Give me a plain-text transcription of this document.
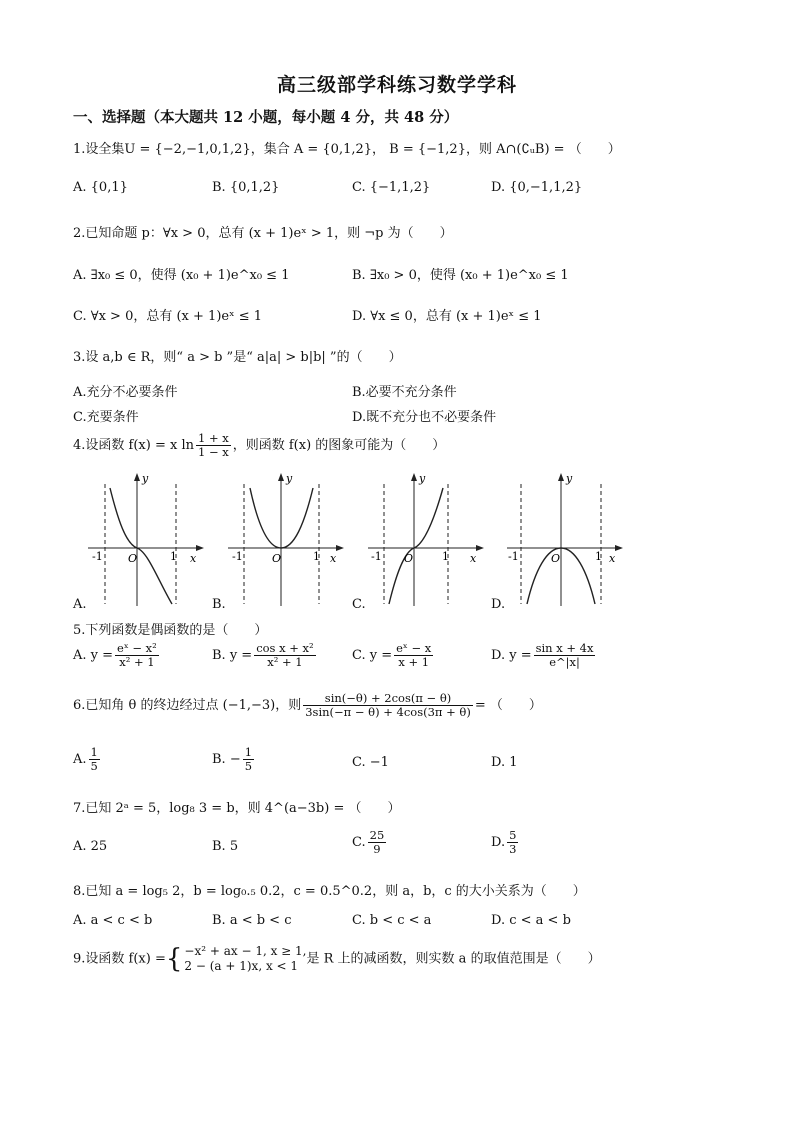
高三级部学科练习数学学科
一、选择题（本大题共 12 小题，每小题 4 分，共 48 分）
1.设全集U = {−2,−1,0,1,2}，集合 A = {0,1,2}， B = {−1,2}，则 A∩(∁ᵤB) = （　　）
A. {0,1}	B. {0,1,2}	C. {−1,1,2}	D. {0,−1,1,2}
2.已知命题 p：∀x > 0，总有 (x + 1)eˣ > 1，则 ¬p 为（　　）
A. ∃x₀ ≤ 0，使得 (x₀ + 1)e^x₀ ≤ 1	B. ∃x₀ > 0，使得 (x₀ + 1)e^x₀ ≤ 1
C. ∀x > 0，总有 (x + 1)eˣ ≤ 1	D. ∀x ≤ 0，总有 (x + 1)eˣ ≤ 1
3.设 a,b ∈ R，则“ a > b ”是“ a|a| > b|b| ”的（　　）
A.充分不必要条件	B.必要不充分条件
C.充要条件	D.既不充分也不必要条件
4.设函数 f(x) = x $\ln \frac{1 + x}{1 - x}$ ，则函数 f(x) 的图象可能为（　　）
y
x
O
-1	1
y
x
O
-1	1
y
x
O
-1	1
y
x
O
-1	1
A.	B.	C.	D.
5.下列函数是偶函数的是（　　）
A. $y = \frac{\text{eˣ − x²}}{\text{x² + 1}}$	B. $y = \frac{\text{cos x + x²}}{\text{x² + 1}}$	C. $y = \frac{\text{eˣ − x}}{x + 1}$	D. $y = \frac{\text{sin x + 4x}}{e\^{}|x|}$
6.已知角 θ 的终边经过点 (−1,−3)，则 $\frac{\sin(-\theta) + 2\cos(\pi - \theta)}{3\sin(-\pi - \theta) + 4\cos(3\pi + \theta)}$ = （　　）
A. $\frac{1}{5}$	B. − $\frac{1}{5}$	C. −1	D. 1
7.已知 2ᵃ = 5，log₈ 3 = b，则 4^(a−3b) = （　　）
A. 25	B. 5	C. $\frac{25}{9}$	D. $\frac{5}{3}$
8.已知 a = log₅ 2，b = log₀.₅ 0.2，c = 0.5^0.2，则 a，b，c 的大小关系为（　　）
A. a < c < b	B. a < b < c	C. b < c < a	D. c < a < b
9.设函数 f(x) ={ −x² + ax − 1, x ≥ 1,
2 − (a + 1)x, x < 1 是 R 上的减函数，则实数 a 的取值范围是（　　）
